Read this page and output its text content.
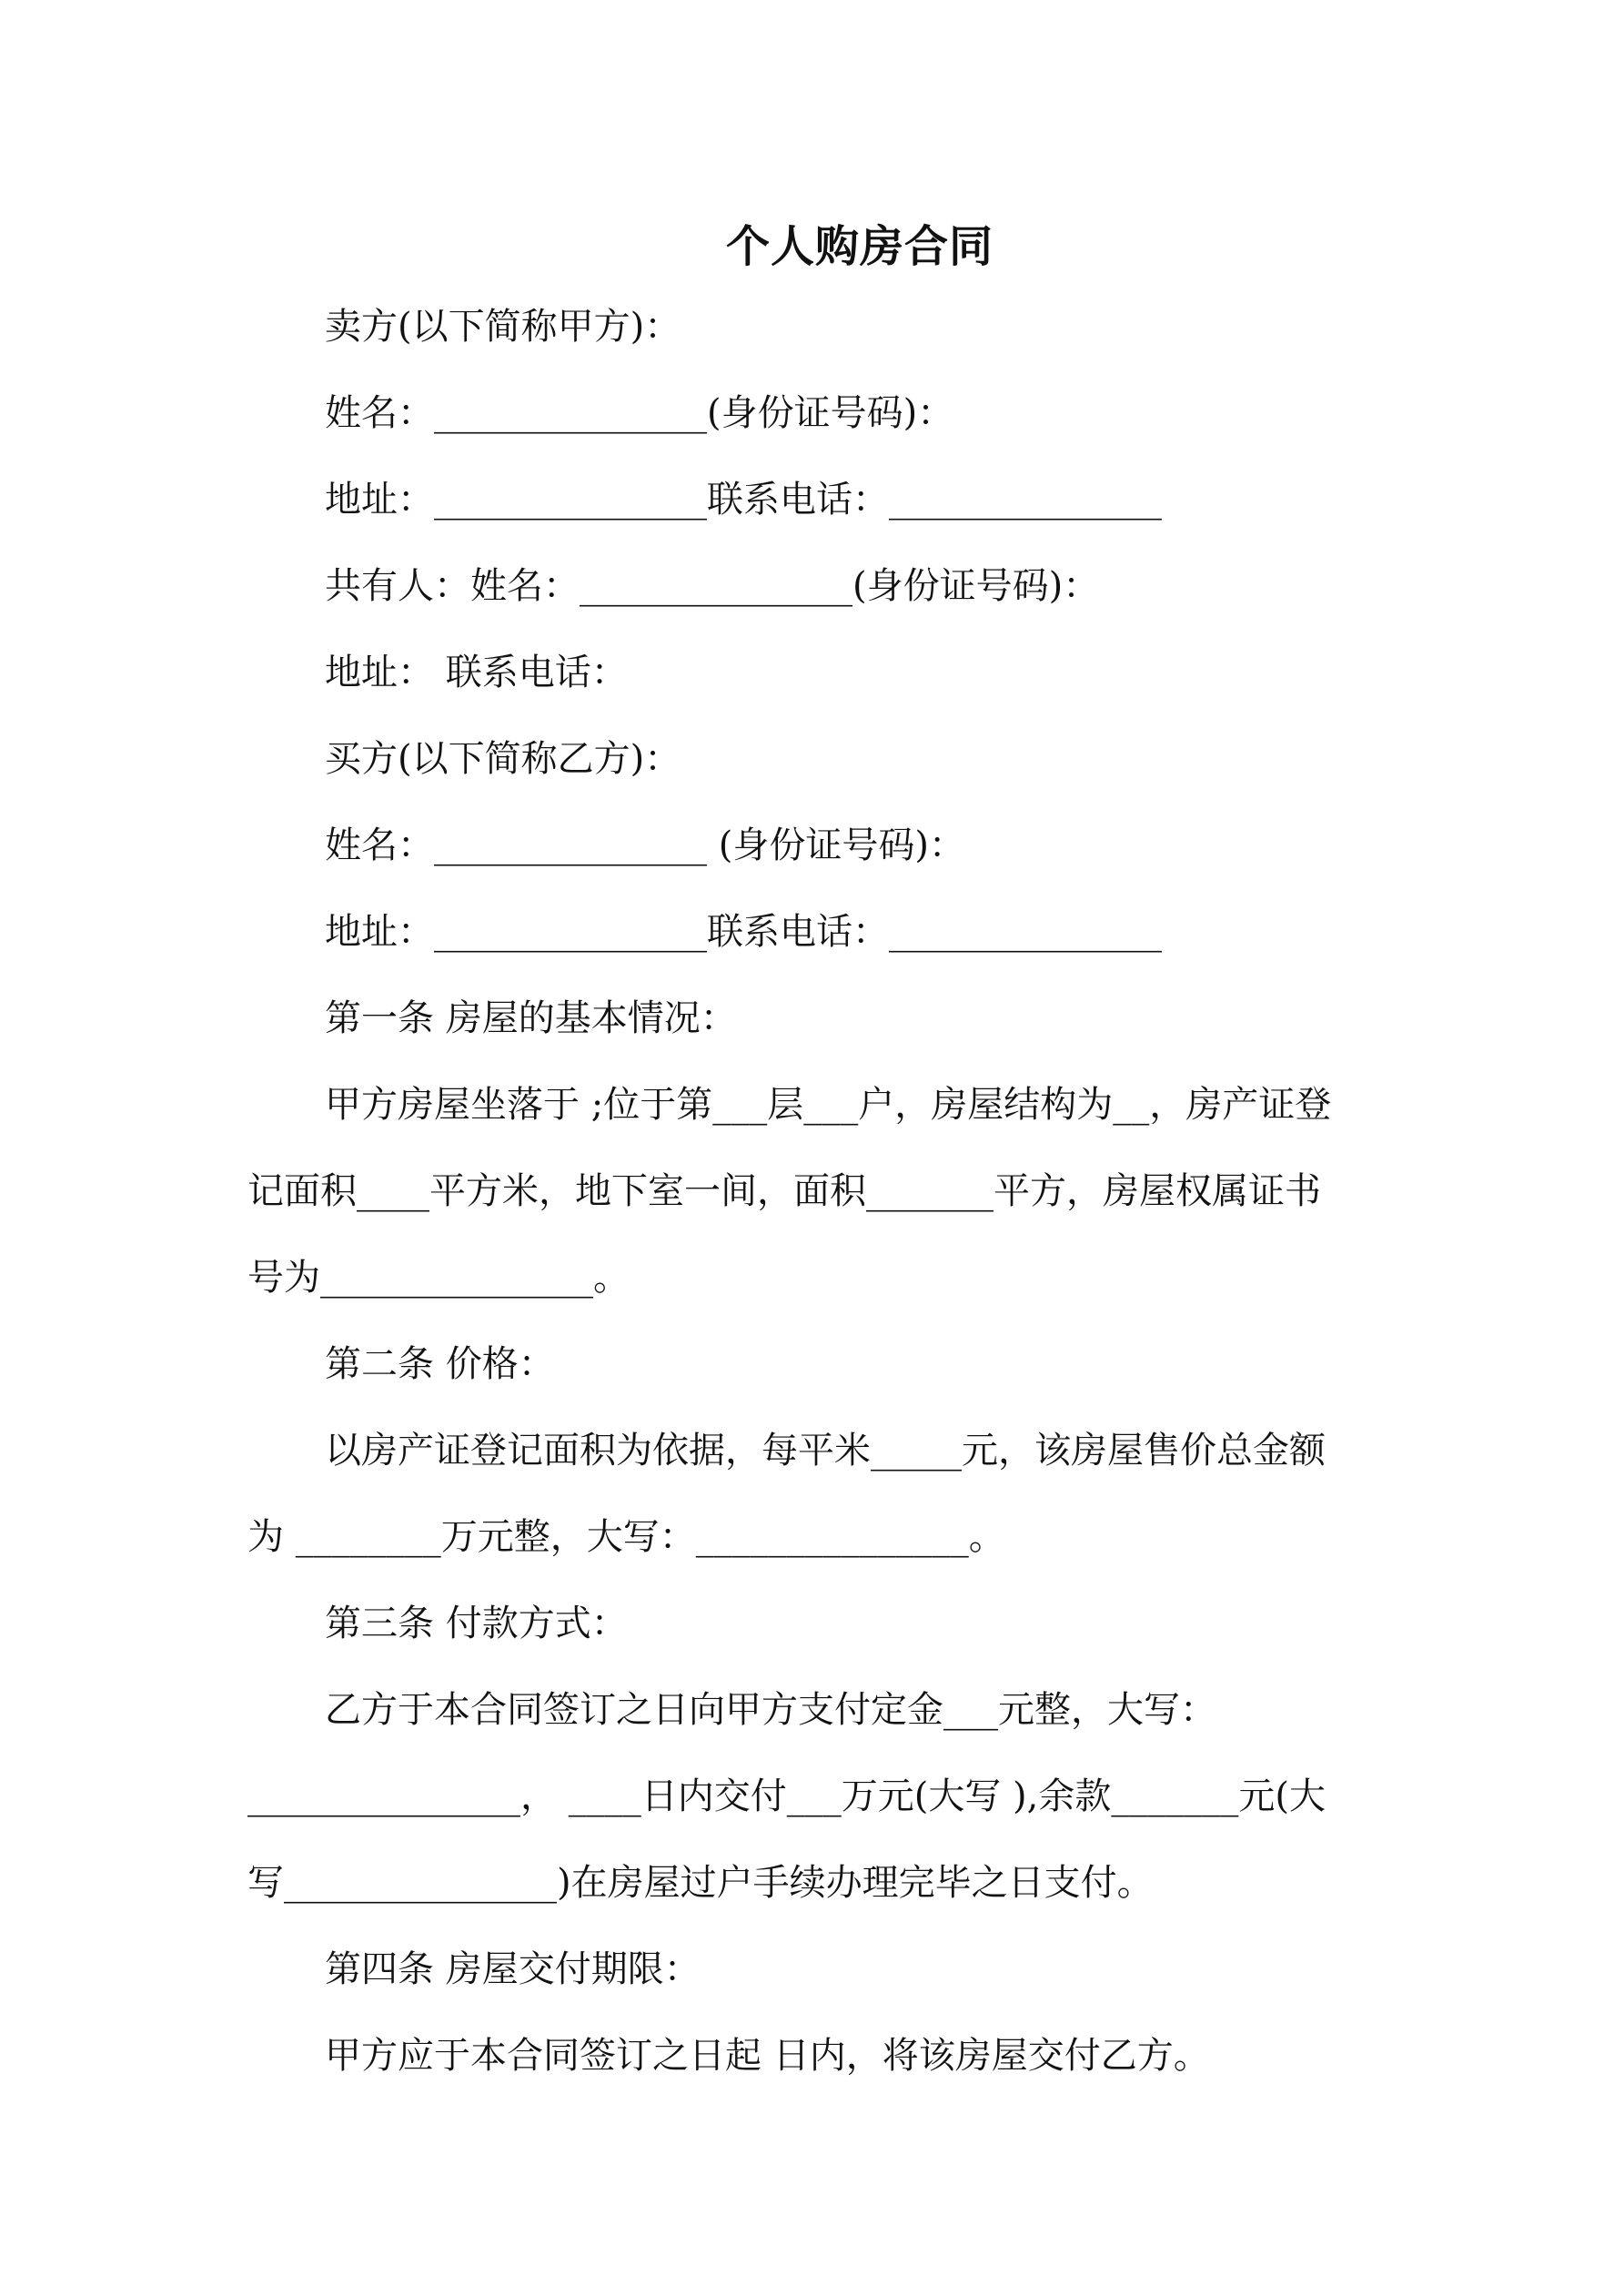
个人购房合同
卖方(以下简称甲方)：
姓名：_______________(身份证号码)：
地址：_______________联系电话：_______________
共有人：姓名：_______________(身份证号码)：
地址： 联系电话：
买方(以下简称乙方)：
姓名：_______________ (身份证号码)：
地址：_______________联系电话：_______________
第一条 房屋的基本情况：
甲方房屋坐落于 ;位于第___层___户，房屋结构为__，房产证登
记面积____平方米，地下室一间，面积_______平方，房屋权属证书
号为_______________。
第二条 价格：
以房产证登记面积为依据，每平米_____元，该房屋售价总金额
为 ________万元整，大写：_______________。
第三条 付款方式：
乙方于本合同签订之日向甲方支付定金___元整，大写：
_______________， ____日内交付___万元(大写 ),余款_______元(大
写_______________)在房屋过户手续办理完毕之日支付。
第四条 房屋交付期限：
甲方应于本合同签订之日起 日内，将该房屋交付乙方。
